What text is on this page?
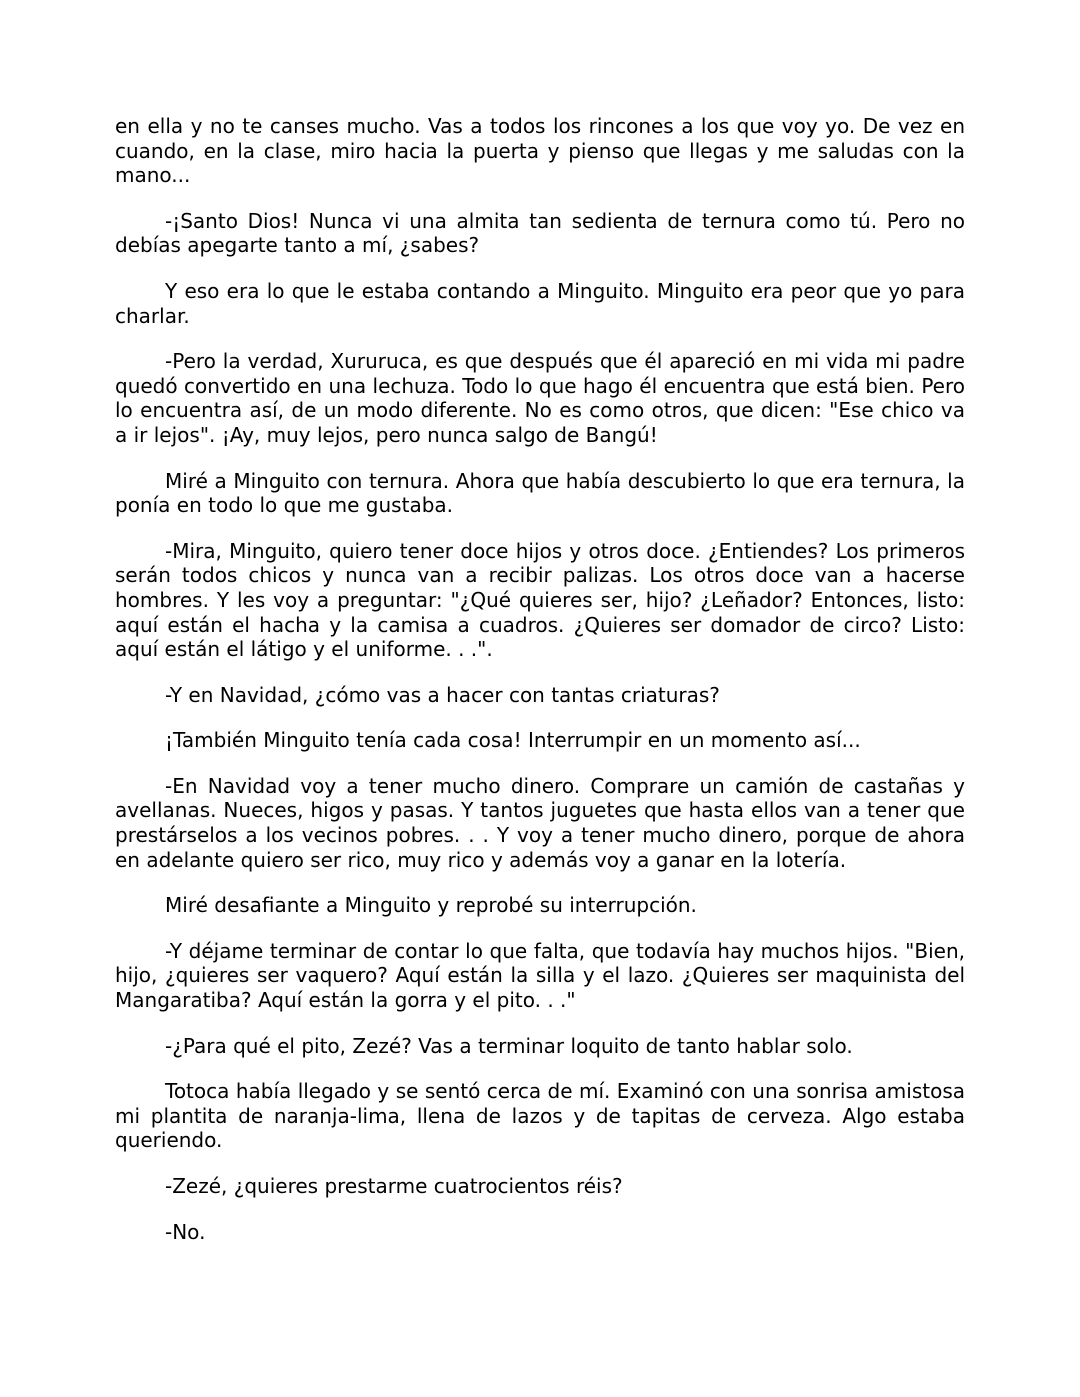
en ella y no te canses mucho. Vas a todos los rincones a los que voy yo. De vez en cuando, en la clase, miro hacia la puerta y pienso que llegas y me saludas con la mano...

-¡Santo Dios! Nunca vi una almita tan sedienta de ternura como tú. Pero no debías apegarte tanto a mí, ¿sabes?

Y eso era lo que le estaba contando a Minguito. Minguito era peor que yo para charlar.

-Pero la verdad, Xururuca, es que después que él apareció en mi vida mi padre quedó convertido en una lechuza. Todo lo que hago él encuentra que está bien. Pero lo encuentra así, de un modo diferente. No es como otros, que dicen: "Ese chico va a ir lejos". ¡Ay, muy lejos, pero nunca salgo de Bangú!

Miré a Minguito con ternura. Ahora que había descubierto lo que era ternura, la ponía en todo lo que me gustaba.

-Mira, Minguito, quiero tener doce hijos y otros doce. ¿Entiendes? Los primeros serán todos chicos y nunca van a recibir palizas. Los otros doce van a hacerse hombres. Y les voy a preguntar: "¿Qué quieres ser, hijo? ¿Leñador? Entonces, listo: aquí están el hacha y la camisa a cuadros. ¿Quieres ser domador de circo? Listo: aquí están el látigo y el uniforme. . .".

-Y en Navidad, ¿cómo vas a hacer con tantas criaturas?

¡También Minguito tenía cada cosa! Interrumpir en un momento así...

-En Navidad voy a tener mucho dinero. Comprare un camión de castañas y avellanas. Nueces, higos y pasas. Y tantos juguetes que hasta ellos van a tener que prestárselos a los vecinos pobres. . . Y voy a tener mucho dinero, porque de ahora en adelante quiero ser rico, muy rico y además voy a ganar en la lotería.

Miré desafiante a Minguito y reprobé su interrupción.

-Y déjame terminar de contar lo que falta, que todavía hay muchos hijos. "Bien, hijo, ¿quieres ser vaquero? Aquí están la silla y el lazo. ¿Quieres ser maquinista del Mangaratiba? Aquí están la gorra y el pito. . ."

-¿Para qué el pito, Zezé? Vas a terminar loquito de tanto hablar solo.

Totoca había llegado y se sentó cerca de mí. Examinó con una sonrisa amistosa mi plantita de naranja-lima, llena de lazos y de tapitas de cerveza. Algo estaba queriendo.

-Zezé, ¿quieres prestarme cuatrocientos réis?

-No.
